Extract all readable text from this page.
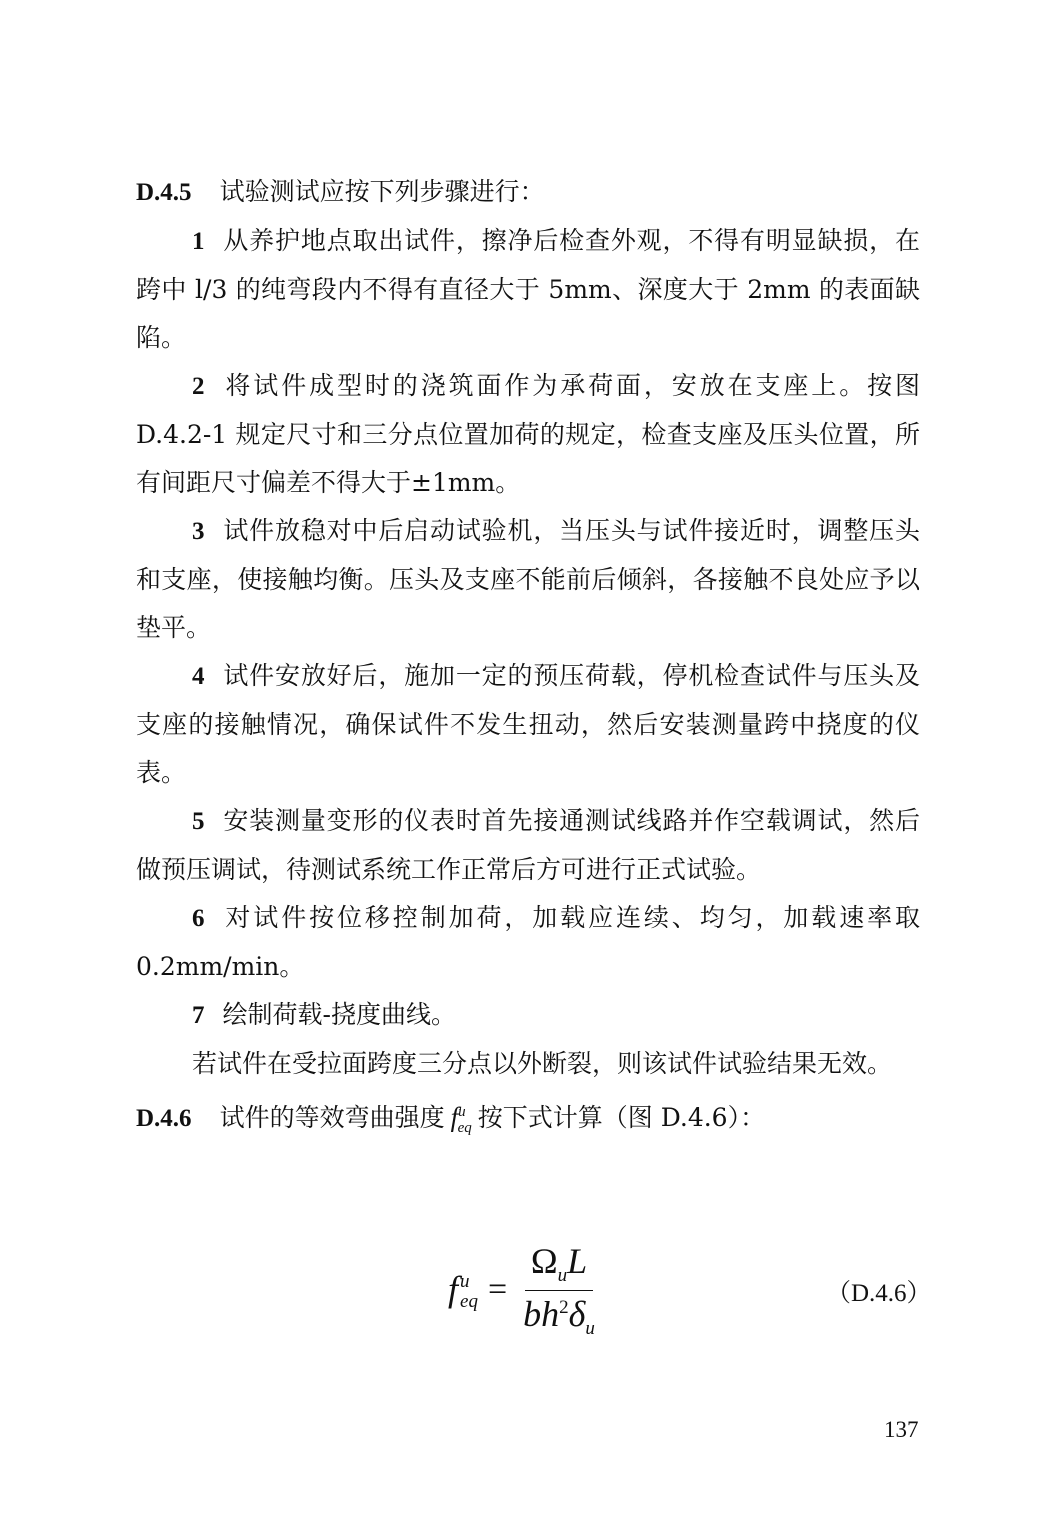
D.4.5 试验测试应按下列步骤进行：

1 从养护地点取出试件，擦净后检查外观，不得有明显缺损，在跨中 l/3 的纯弯段内不得有直径大于 5mm、深度大于 2mm 的表面缺陷。

2 将试件成型时的浇筑面作为承荷面，安放在支座上。按图 D.4.2-1 规定尺寸和三分点位置加荷的规定，检查支座及压头位置，所有间距尺寸偏差不得大于±1mm。

3 试件放稳对中后启动试验机，当压头与试件接近时，调整压头和支座，使接触均衡。压头及支座不能前后倾斜，各接触不良处应予以垫平。

4 试件安放好后，施加一定的预压荷载，停机检查试件与压头及支座的接触情况，确保试件不发生扭动，然后安装测量跨中挠度的仪表。

5 安装测量变形的仪表时首先接通测试线路并作空载调试，然后做预压调试，待测试系统工作正常后方可进行正式试验。

6 对试件按位移控制加荷，加载应连续、均匀，加载速率取 0.2mm/min。

7 绘制荷载-挠度曲线。

若试件在受拉面跨度三分点以外断裂，则该试件试验结果无效。

D.4.6 试件的等效弯曲强度 $f^u_{eq}$ 按下式计算（图 D.4.6）：

f u
eq = $\frac{\Omega_uL}{bh^2\delta_u}$	（D.4.6）
137
